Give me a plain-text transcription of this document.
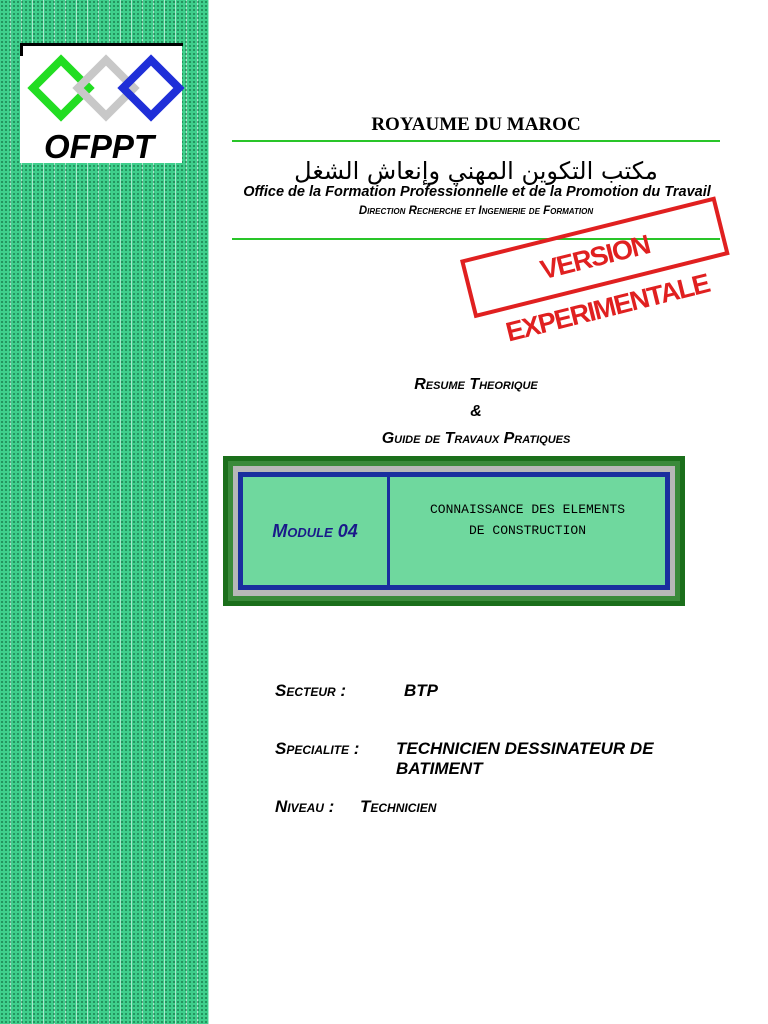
OFPPT
ROYAUME DU MAROC
مكتب التكوين المهني وإنعاش الشغل
Office de la Formation Professionnelle et de la Promotion du Travail
Direction Recherche et Ingenierie de Formation
VERSION EXPERIMENTALE
Resume Theorique
&
Guide de Travaux Pratiques
Module 04
CONNAISSANCE DES ELEMENTS
DE CONSTRUCTION
Secteur :	BTP
Specialite : TECHNICIEN DESSINATEUR DE
BATIMENT
Niveau : Technicien
